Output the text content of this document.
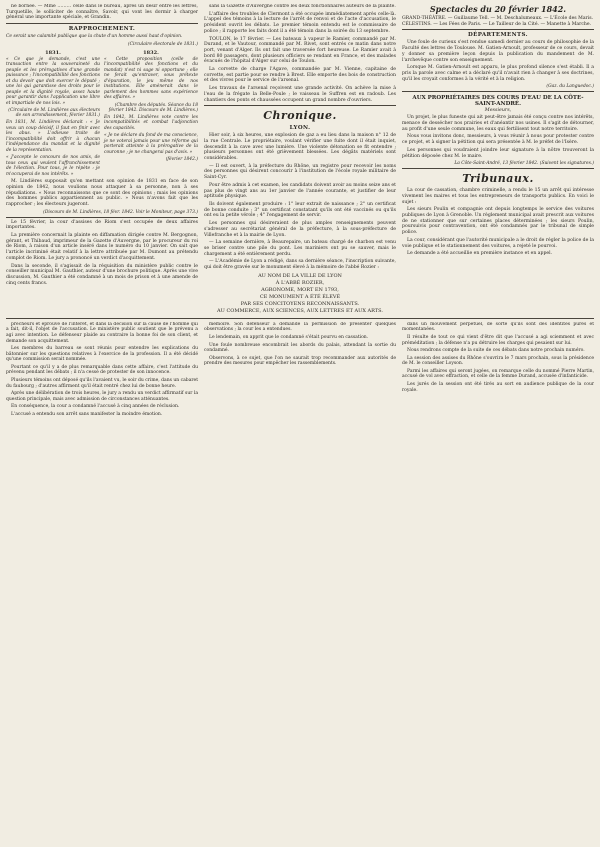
ne bornée. — Mme ……… celle dans le bureau, après un désir entre les lettres, Turquetille, le solliciter de connaître, Savoir, qui vont les dormir à charger général une importante spéciale, et Grandin.

RAPPROCHEMENT.

Ce serait une calamité publique que la chute d'un homme aussi haut d'opinion.

(Circulaire électorale de 1831.)

1831.

« Ce que je demande, c'est une transaction entre la souveraineté du peuple et les prérogatives d'une grande puissance ; l'incompatibilité des fonctions et du devoir que doit exercer le député ; une loi qui garantisse des droits pour le peuple et la dignité royale, assez haute pour garantir dans l'application une libre et impartiale de nos lois. »

(Circulaire de M. Lindières aux électeurs de son arrondissement, février 1831.)

En 1831, M. Lindières déclarait : « Je veux un coup décisif, il faut en finir avec les abus. » L'odieuse traite de l'incompatibilité doit offrir à chacun l'indépendance du mandat et la dignité de la représentation.

« J'accepte le concours de nos amis, de tous ceux qui veulent l'affranchissement de l'élection. Pour tous, je le répète : je m'occuperai de nos intérêts. »

1832.

« Cette proposition (celle de l'incompatibilité des fonctions et du mandat) n'est ni sage ni opportune ; elle ne ferait qu'entraver, sous prétexte d'épuration, le jeu même de nos institutions. Elle amènerait dans le parlement des hommes sans expérience des affaires. »

(Chambre des députés. Séance du 18 février 1842. Discours de M. Lindières.)

En 1842, M. Lindières vote contre les incompatibilités et combat l'adjonction des capacités.

« Je ne déclare du fond de ma conscience, je ne voterai jamais pour une réforme qui porterait atteinte à la prérogative de la couronne ; je ne changerai pas d'avis. »

(février 1842.)

M. Lindières supposait qu'en mettant son opinion de 1831 en face de son opinion de 1842, nous voulions nous attaquer à sa personne, non à ses répudiations. « Nous reconnaissons que ce sont des opinions ; mais les opinions des hommes publics appartiennent au public. » Nous n'avons fait que les rapprocher ; les électeurs jugeront.

(Discours de M. Lindières, 18 févr. 1842. Voir le Moniteur, page 373.)

Le 15 février, la cour d'assises de Riom s'est occupée de deux affaires importantes.

La première concernait la plainte en diffamation dirigée contre M. Bergognon, gérant, et Thibaud, imprimeur de la Gazette d'Auvergne, par le procureur du roi de Riom, à raison d'un article inséré dans le numéro du 10 janvier. On sait que l'article incriminé était relatif à la lettre attribuée par M. Dumont au prétendu complot de Riom. Le jury a prononcé un verdict d'acquittement.

Dans la seconde, il s'agissait de la réquisition du ministère public contre le conseiller municipal M. Gauthier, auteur d'une brochure politique. Après une vive discussion, M. Gauthier a été condamné à un mois de prison et à une amende de cinq cents francs.

sans la Gazette d'Auvergne contre les deux fonctionnaires auteurs de la plainte.

L'affaire des troubles de Clermont a été occupée immédiatement après celle-là. L'appel des témoins à la lecture de l'arrêt de renvoi et de l'acte d'accusation, le président ouvrit les débats. Le premier témoin entendu est le commissaire de police ; il rapporte les faits dont il a été témoin dans la soirée du 13 septembre.

TOULON, le 17 février. — Les bateaux à vapeur le Ramier, commandé par M. Durand, et le Vautour, commandé par M. Rivet, sont entrés ce matin dans notre port, venant d'Alger. Ils ont fait une traversée fort heureuse. Le Ramier avait à bord 80 passagers, dont plusieurs officiers se rendant en France, et des malades évacués de l'hôpital d'Alger sur celui de Toulon.

La corvette de charge l'Agave, commandée par M. Vienne, capitaine de corvette, est partie pour se rendre à Brest. Elle emporte des bois de construction et des vivres pour le service de l'arsenal.

Les travaux de l'arsenal reçoivent une grande activité. On achève la mise à l'eau de la frégate la Belle-Poule ; le vaisseau le Suffren est en radoub. Les chantiers des ponts et chaussées occupent un grand nombre d'ouvriers.

Chronique.

LYON.

Hier soir, à six heures, une explosion de gaz a eu lieu dans la maison n° 12 de la rue Centrale. Le propriétaire, voulant vérifier une fuite dont il était inquiet, descendit à la cave avec une lumière. Une violente détonation se fit entendre ; plusieurs personnes ont été grièvement blessées. Les dégâts matériels sont considérables.

— Il est ouvert, à la préfecture du Rhône, un registre pour recevoir les noms des personnes qui désirent concourir à l'institution de l'école royale militaire de Saint-Cyr.

Pour être admis à cet examen, les candidats doivent avoir au moins seize ans et pas plus de vingt ans au 1er janvier de l'année courante, et justifier de leur aptitude physique.

Ils doivent également produire : 1° leur extrait de naissance ; 2° un certificat de bonne conduite ; 3° un certificat constatant qu'ils ont été vaccinés ou qu'ils ont eu la petite vérole ; 4° l'engagement de servir.

Les personnes qui désireraient de plus amples renseignements peuvent s'adresser au secrétariat général de la préfecture, à la sous-préfecture de Villefranche et à la mairie de Lyon.

— La semaine dernière, à Beaurepaire, un bateau chargé de charbon est venu se briser contre une pile du pont. Les mariniers ont pu se sauver, mais le chargement a été entièrement perdu.

— L'Académie de Lyon a rédigé, dans sa dernière séance, l'inscription suivante, qui doit être gravée sur le monument élevé à la mémoire de l'abbé Rozier :

AU NOM DE LA VILLE DE LYON

À L'ABBÉ ROZIER,

AGRONOME, MORT EN 1793,

CE MONUMENT A ÉTÉ ÉLEVÉ

PAR SES CONCITOYENS RECONNAISSANTS.

AU COMMERCE, AUX SCIENCES, AUX LETTRES ET AUX ARTS.

Spectacles du 20 février 1842.

GRAND-THÉÂTRE. — Guillaume Tell. — M. Deschalumeaux. — L'École des Maris.

CÉLESTINS. — Les Fées de Paris. — Le Tailleur de la Cité. — Manette à Marche.

DÉPARTEMENTS.

Une foule de curieux s'est rendue samedi dernier au cours de philosophie de la Faculté des lettres de Toulouse. M. Gatien-Arnoult, professeur de ce cours, devait y donner sa première leçon depuis la publication du mandement de M. l'archevêque contre son enseignement.

Lorsque M. Gatien-Arnoult est apparu, le plus profond silence s'est établi. Il a pris la parole avec calme et a déclaré qu'il n'avait rien à changer à ses doctrines, qu'il les croyait conformes à la vérité et à la religion.

(Gaz. du Languedoc.)

AUX PROPRIÉTAIRES DES COURS D'EAU DE LA CÔTE-SAINT-ANDRÉ.

Messieurs,

Un projet, le plus funeste qui ait peut-être jamais été conçu contre nos intérêts, menace de dessécher nos prairies et d'anéantir nos usines. Il s'agit de détourner, au profit d'une seule commune, les eaux qui fertilisent tout notre territoire.

Nous vous invitons donc, messieurs, à vous réunir à nous pour protester contre ce projet, et à signer la pétition qui sera présentée à M. le préfet de l'Isère.

Les personnes qui voudraient joindre leur signature à la nôtre trouveront la pétition déposée chez M. le maire.

La Côte-Saint-André, 13 février 1842. (Suivent les signatures.)

Tribunaux.

La cour de cassation, chambre criminelle, a rendu le 15 un arrêt qui intéresse vivement les maires et tous les entrepreneurs de transports publics. En voici le sujet :

Les sieurs Poulin et compagnie ont depuis longtemps le service des voitures publiques de Lyon à Grenoble. Un règlement municipal avait prescrit aux voitures de ne stationner que sur certaines places déterminées ; les sieurs Poulin, poursuivis pour contravention, ont été condamnés par le tribunal de simple police.

La cour, considérant que l'autorité municipale a le droit de régler la police de la voie publique et le stationnement des voitures, a rejeté le pourvoi.

Le demande a été accueillie en première instance et en appel.

prêcheurs et éprouvé de l'intérêt, et dans la décision sur la cause de l'homme qui a fait, dit-il, l'objet de l'accusation. Le ministère public soutient que le prévenu a agi avec intention. Le défenseur plaide au contraire la bonne foi de son client, et demande son acquittement.

Les membres du barreau se sont réunis pour entendre les explications du bâtonnier sur les questions relatives à l'exercice de la profession. Il a été décidé qu'une commission serait nommée.

Pourtant ce qu'il y a de plus remarquable dans cette affaire, c'est l'attitude du prévenu pendant les débats ; il n'a cessé de protester de son innocence.

Plusieurs témoins ont déposé qu'ils l'avaient vu, le soir du crime, dans un cabaret du faubourg ; d'autres affirment qu'il était rentré chez lui de bonne heure.

Après une délibération de trois heures, le jury a rendu un verdict affirmatif sur la question principale, mais avec admission de circonstances atténuantes.

En conséquence, la cour a condamné l'accusé à cinq années de réclusion.

L'accusé a entendu son arrêt sans manifester la moindre émotion.

mémoire. Son défenseur a demandé la permission de présenter quelques observations ; la cour les a entendues.

Le lendemain, on apprit que le condamné s'était pourvu en cassation.

Une foule nombreuse encombrait les abords du palais, attendant la sortie du condamné.

Observons, à ce sujet, que l'on ne saurait trop recommander aux autorités de prendre des mesures pour empêcher les rassemblements.

dans un mouvement perpétuel, de sorte qu'ils sont des identités pures et momentanées.

Il résulte de tout ce qui vient d'être dit que l'accusé a agi sciemment et avec préméditation ; la défense n'a pu détruire les charges qui pesaient sur lui.

Nous rendrons compte de la suite de ces débats dans notre prochain numéro.

La session des assises du Rhône s'ouvrira le 7 mars prochain, sous la présidence de M. le conseiller Loyson.

Parmi les affaires qui seront jugées, on remarque celle du nommé Pierre Martin, accusé de vol avec effraction, et celle de la femme Durand, accusée d'infanticide.

Les jurés de la session ont été tirés au sort en audience publique de la cour royale.
